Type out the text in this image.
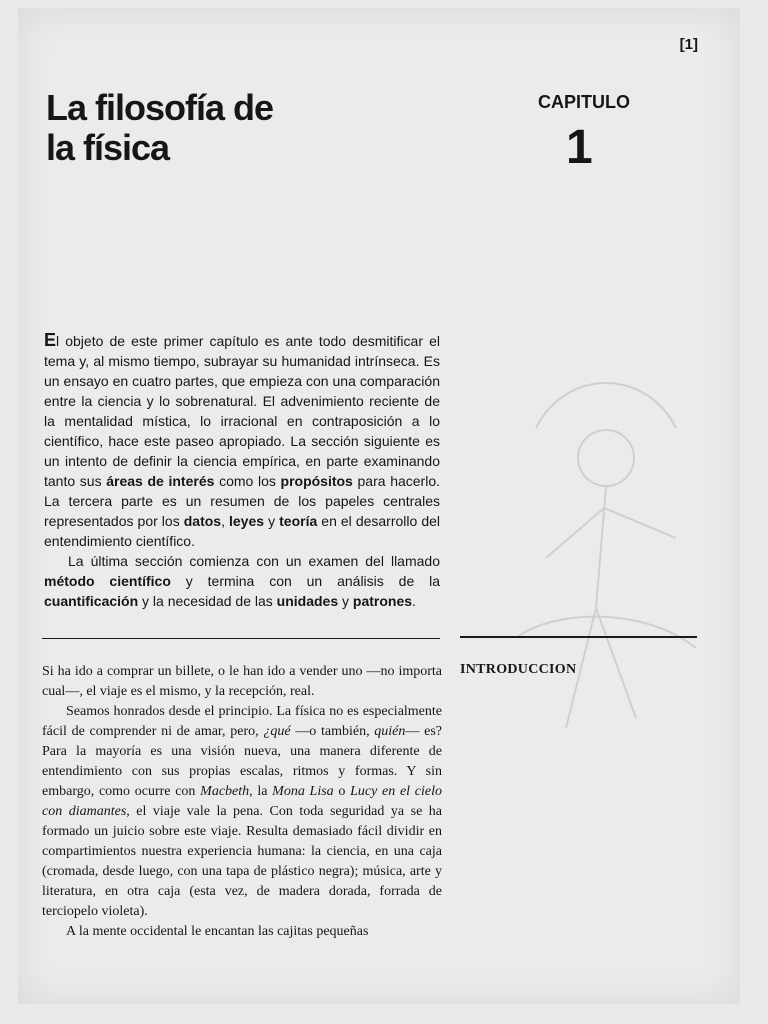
[1]
La filosofía de
la física
CAPITULO
1

El objeto de este primer capítulo es ante todo desmitificar el tema y, al mismo tiempo, subrayar su humanidad intrínseca. Es un ensayo en cuatro partes, que empieza con una comparación entre la ciencia y lo sobrenatural. El advenimiento reciente de la mentalidad mística, lo irracional en contraposición a lo científico, hace este paseo apropiado. La sección siguiente es un intento de definir la ciencia empírica, en parte examinando tanto sus áreas de interés como los propósitos para hacerlo. La tercera parte es un resumen de los papeles centrales representados por los datos, leyes y teoría en el desarrollo del entendimiento científico.

La última sección comienza con un examen del llamado método científico y termina con un análisis de la cuantificación y la necesidad de las unidades y patrones.

INTRODUCCION

Si ha ido a comprar un billete, o le han ido a vender uno —no importa cual—, el viaje es el mismo, y la recepción, real.

Seamos honrados desde el principio. La física no es especialmente fácil de comprender ni de amar, pero, ¿qué —o también, quién— es? Para la mayoría es una visión nueva, una manera diferente de entendimiento con sus propias escalas, ritmos y formas. Y sin embargo, como ocurre con Macbeth, la Mona Lisa o Lucy en el cielo con diamantes, el viaje vale la pena. Con toda seguridad ya se ha formado un juicio sobre este viaje. Resulta demasiado fácil dividir en compartimientos nuestra experiencia humana: la ciencia, en una caja (cromada, desde luego, con una tapa de plástico negra); música, arte y literatura, en otra caja (esta vez, de madera dorada, forrada de terciopelo violeta).

A la mente occidental le encantan las cajitas pequeñas
